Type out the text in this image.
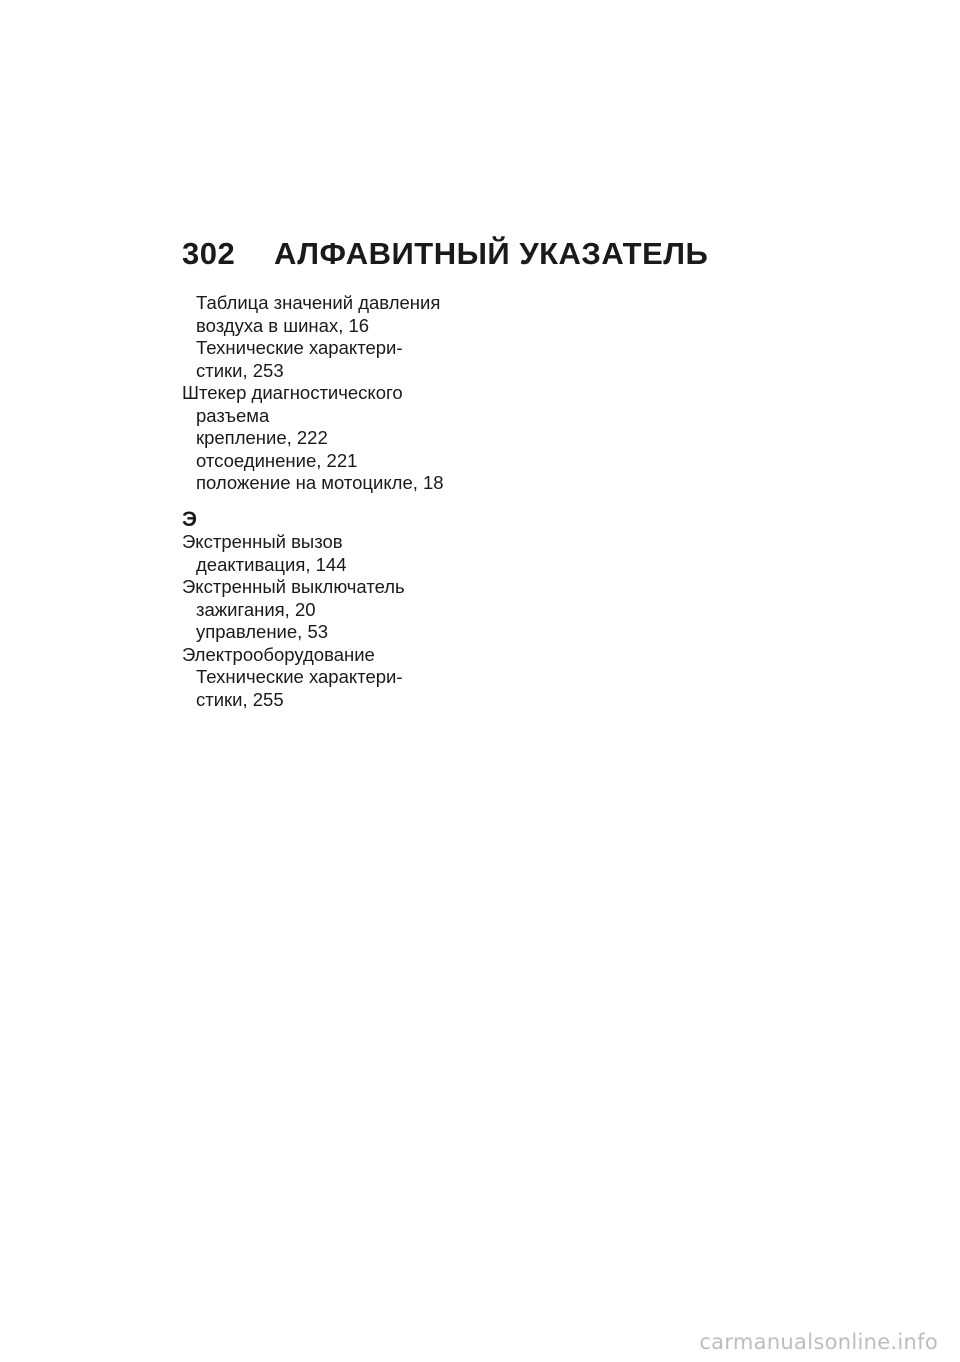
302	АЛФАВИТНЫЙ УКАЗАТЕЛЬ
Таблица значений давления
воздуха в шинах, 16
Технические характери-
стики, 253
Штекер диагностического
разъема
крепление, 222
отсоединение, 221
положение на мотоцикле, 18
Э
Экстренный вызов
деактивация, 144
Экстренный выключатель
зажигания, 20
управление, 53
Электрооборудование
Технические характери-
стики, 255
carmanualsonline.info
